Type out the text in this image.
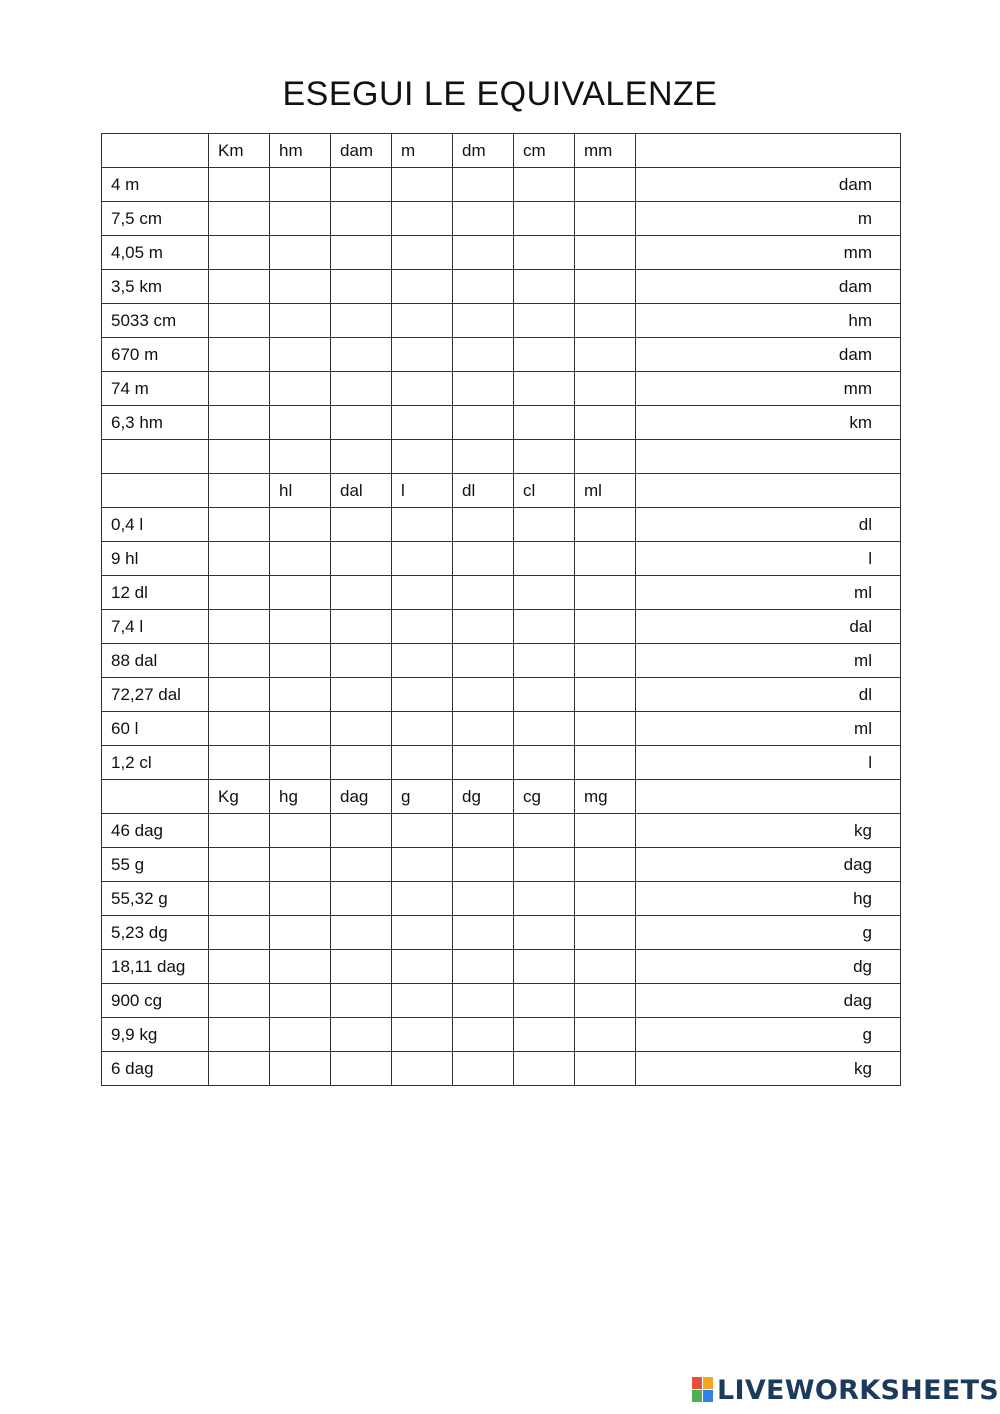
ESEGUI LE EQUIVALENZE
	Km	hm	dam	m	dm	cm	mm	
4 m								dam
7,5 cm								m
4,05 m								mm
3,5 km								dam
5033 cm								hm
670 m								dam
74 m								mm
6,3 hm								km

		hl	dal	l	dl	cl	ml	
0,4 l								dl
9 hl								l
12 dl								ml
7,4 l								dal
88 dal								ml
72,27 dal								dl
60 l								ml
1,2 cl								l
	Kg	hg	dag	g	dg	cg	mg	
46 dag								kg
55 g								dag
55,32 g								hg
5,23 dg								g
18,11 dag								dg
900 cg								dag
9,9 kg								g
6 dag								kg
LIVEWORKSHEETS
